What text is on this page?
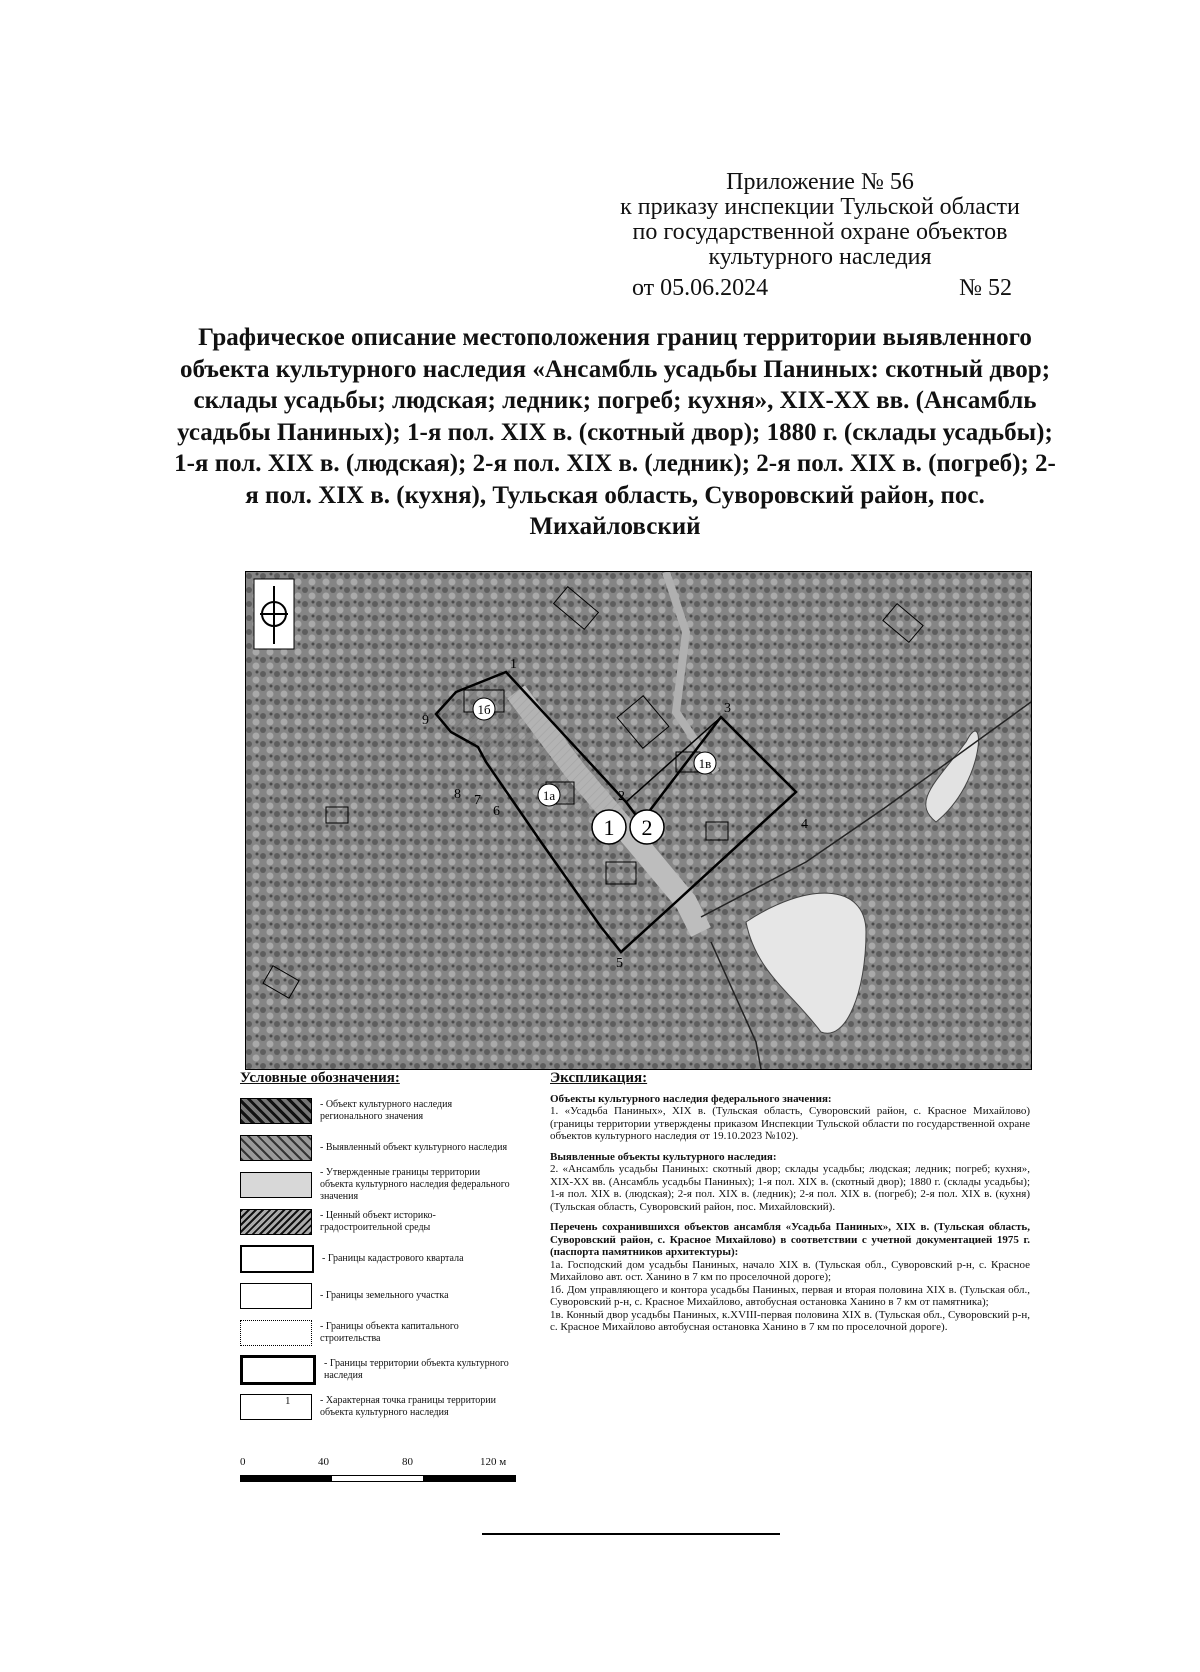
Приложение № 56
к приказу инспекции Тульской области
по государственной охране объектов
культурного наследия
от 05.06.2024	№ 52
Графическое описание местоположения границ территории выявленного объекта культурного наследия «Ансамбль усадьбы Паниных: скотный двор; склады усадьбы; людская; ледник; погреб; кухня», XIX-XX вв. (Ансамбль усадьбы Паниных); 1-я пол. XIX в. (скотный двор); 1880 г. (склады усадьбы); 1-я пол. XIX в. (людская); 2-я пол. XIX в. (ледник); 2-я пол. XIX в. (погреб); 2-я пол. XIX в. (кухня), Тульская область, Суворовский район, пос. Михайловский
1
2
3
4
5
6
7
8
9
1б
1а
1в
1 2
Условные обозначения:
- Объект культурного наследия регионального значения
- Выявленный объект культурного наследия
- Утвержденные границы территории объекта культурного наследия федерального значения
- Ценный объект историко-градостроительной среды
- Границы кадастрового квартала
- Границы земельного участка
- Границы объекта капитального строительства
- Границы территории объекта культурного наследия
1	- Характерная точка границы территории объекта культурного наследия
0	40	80	120 м
Экспликация:
Объекты культурного наследия федерального значения:
1. «Усадьба Паниных», XIX в. (Тульская область, Суворовский район, с. Красное Михайлово) (границы территории утверждены приказом Инспекции Тульской области по государственной охране объектов культурного наследия от 19.10.2023 №102).
Выявленные объекты культурного наследия:
2. «Ансамбль усадьбы Паниных: скотный двор; склады усадьбы; людская; ледник; погреб; кухня», XIX-XX вв. (Ансамбль усадьбы Паниных); 1-я пол. XIX в. (скотный двор); 1880 г. (склады усадьбы); 1-я пол. XIX в. (людская); 2-я пол. XIX в. (ледник); 2-я пол. XIX в. (погреб); 2-я пол. XIX в. (кухня) (Тульская область, Суворовский район, пос. Михайловский).
Перечень сохранившихся объектов ансамбля «Усадьба Паниных», XIX в. (Тульская область, Суворовский район, с. Красное Михайлово) в соответствии с учетной документацией 1975 г. (паспорта памятников архитектуры):
1а. Господский дом усадьбы Паниных, начало XIX в. (Тульская обл., Суворовский р-н, с. Красное Михайлово авт. ост. Ханино в 7 км по проселочной дороге);
1б. Дом управляющего и контора усадьбы Паниных, первая и вторая половина XIX в. (Тульская обл., Суворовский р-н, с. Красное Михайлово, автобусная остановка Ханино в 7 км от памятника);
1в. Конный двор усадьбы Паниных, к.XVIII-первая половина XIX в. (Тульская обл., Суворовский р-н, с. Красное Михайлово автобусная остановка Ханино в 7 км по проселочной дороге).
